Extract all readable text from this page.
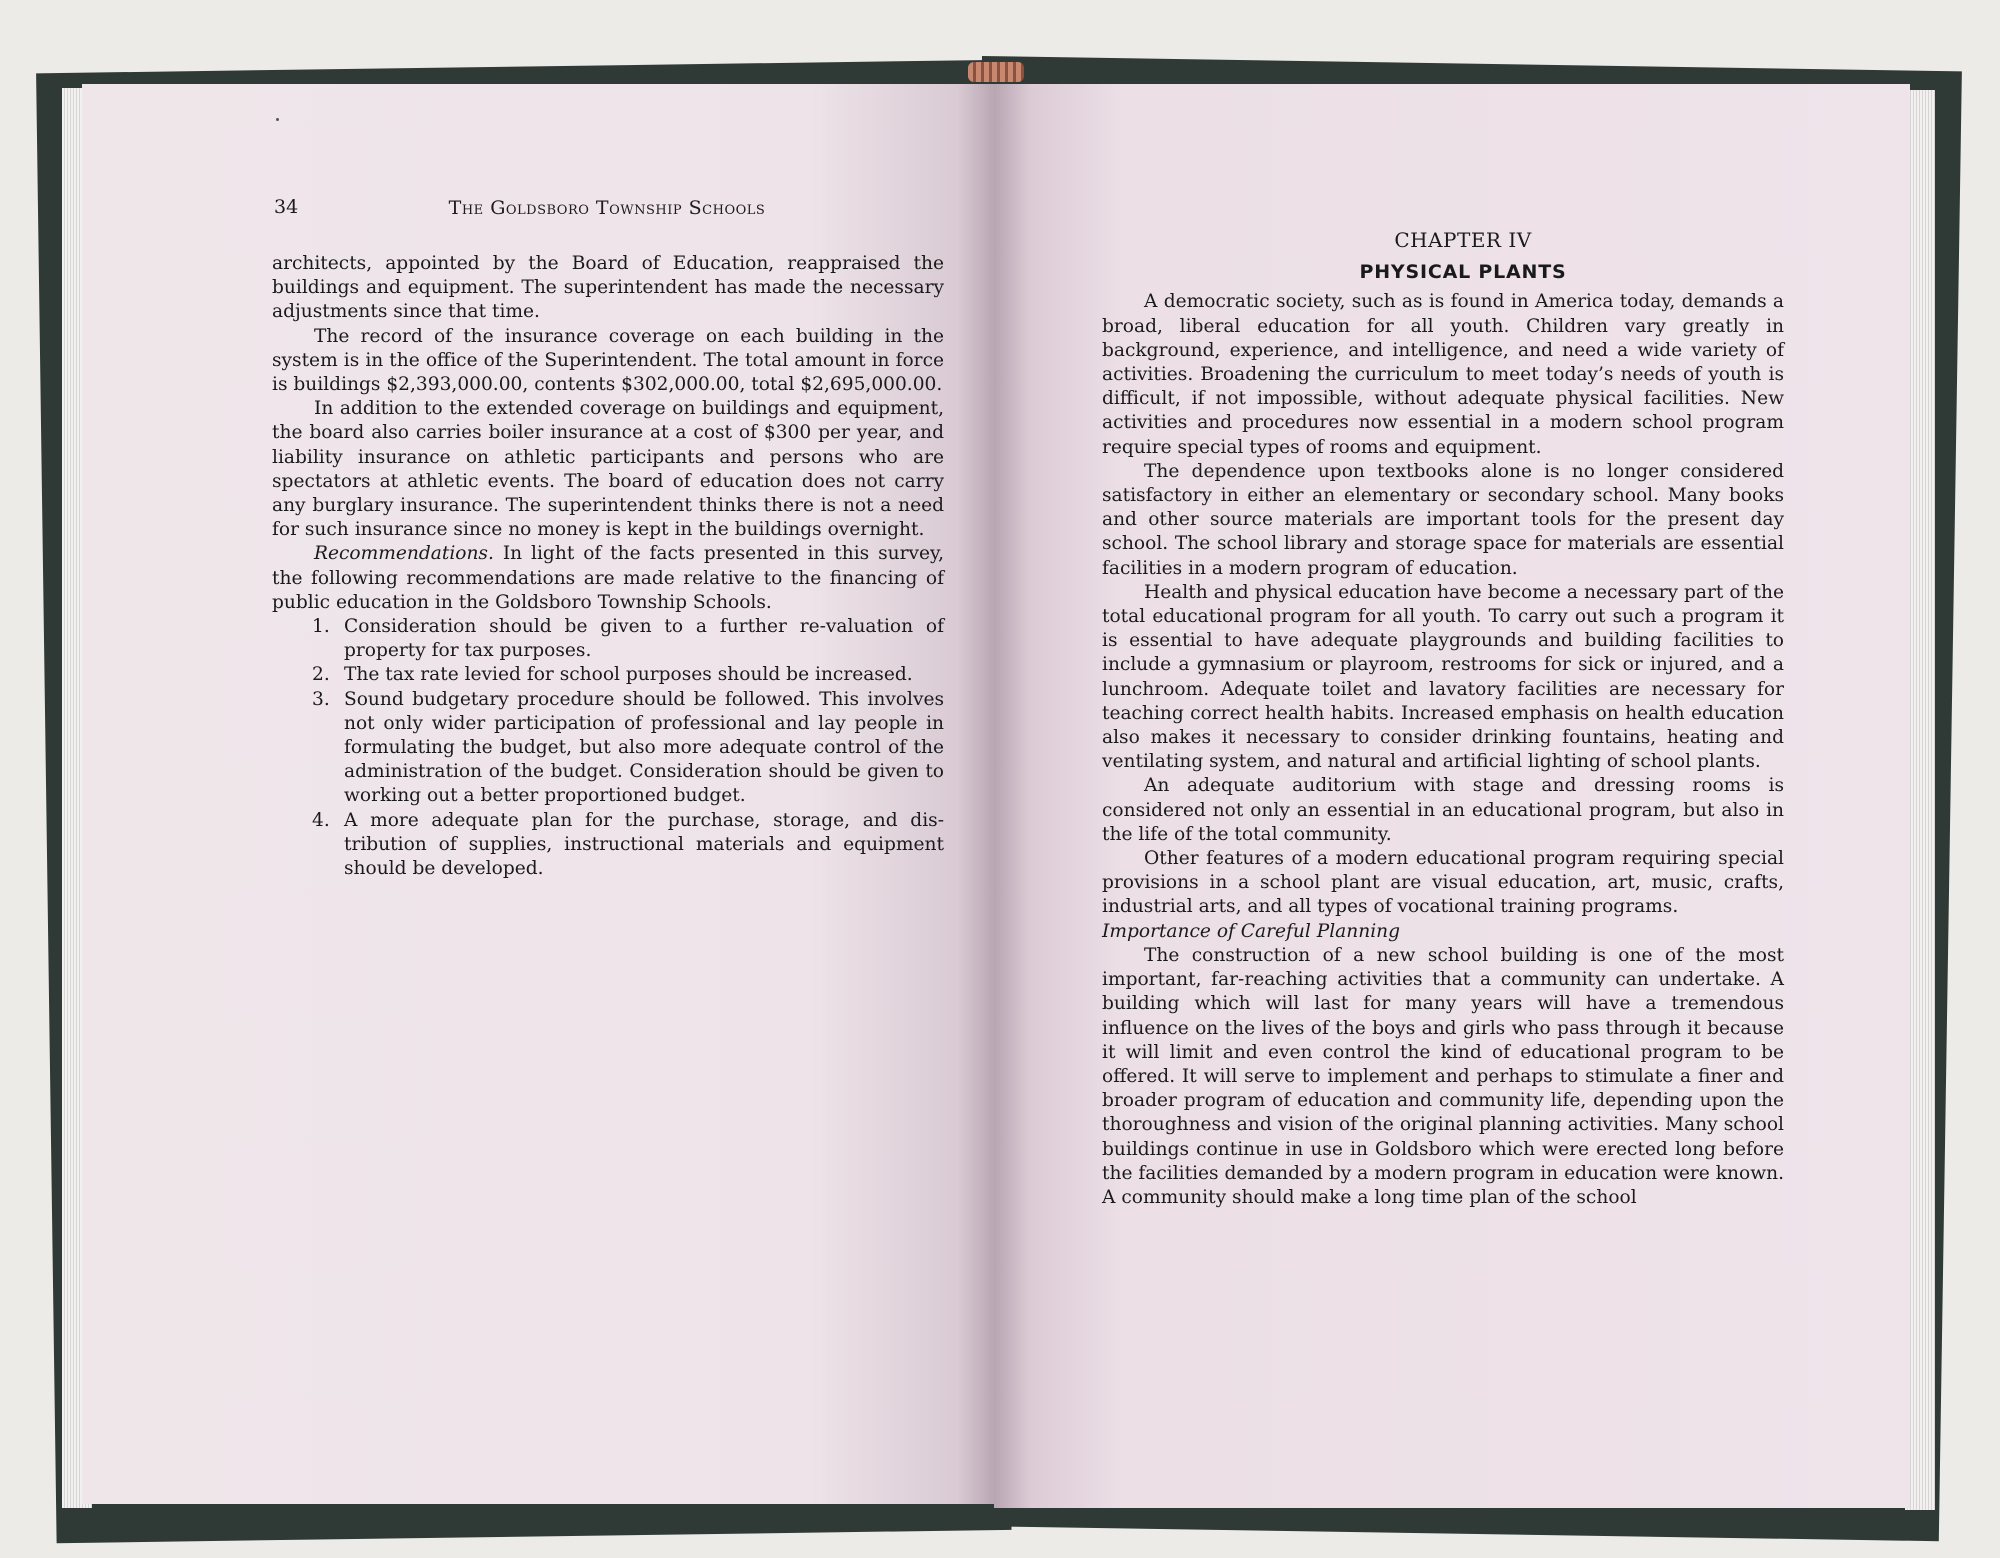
34	The Goldsboro Township Schools

architects, appointed by the Board of Education, reappraised the buildings and equipment. The superintendent has made the necessary adjustments since that time.

The record of the insurance coverage on each building in the system is in the office of the Superintendent. The total amount in force is buildings $2,393,000.00, contents $302,000.00, total $2,695,000.00.

In addition to the extended coverage on buildings and equipment, the board also carries boiler insurance at a cost of $300 per year, and liability insurance on athletic participants and persons who are spectators at athletic events. The board of education does not carry any burglary insurance. The superintendent thinks there is not a need for such insurance since no money is kept in the buildings overnight.

Recommendations. In light of the facts presented in this survey, the following recommendations are made relative to the financing of public education in the Goldsboro Township Schools.

1. Consideration should be given to a further re-valuation of property for tax purposes.
2. The tax rate levied for school purposes should be increased.
3. Sound budgetary procedure should be followed. This involves not only wider participation of professional and lay people in formulating the budget, but also more adequate control of the administration of the budget. Consideration should be given to working out a better proportioned budget.
4. A more adequate plan for the purchase, storage, and distribution of supplies, instructional materials and equipment should be developed.
CHAPTER IV
PHYSICAL PLANTS

A democratic society, such as is found in America today, demands a broad, liberal education for all youth. Children vary greatly in background, experience, and intelligence, and need a wide variety of activities. Broadening the curriculum to meet today’s needs of youth is difficult, if not impossible, without adequate physical facilities. New activities and procedures now essential in a modern school program require special types of rooms and equipment.

The dependence upon textbooks alone is no longer considered satisfactory in either an elementary or secondary school. Many books and other source materials are important tools for the present day school. The school library and storage space for materials are essential facilities in a modern program of education.

Health and physical education have become a necessary part of the total educational program for all youth. To carry out such a program it is essential to have adequate playgrounds and building facilities to include a gymnasium or playroom, restrooms for sick or injured, and a lunchroom. Adequate toilet and lavatory facilities are necessary for teaching correct health habits. Increased emphasis on health education also makes it necessary to consider drinking fountains, heating and ventilating system, and natural and artificial lighting of school plants.

An adequate auditorium with stage and dressing rooms is considered not only an essential in an educational program, but also in the life of the total community.

Other features of a modern educational program requiring special provisions in a school plant are visual education, art, music, crafts, industrial arts, and all types of vocational training programs.

Importance of Careful Planning

The construction of a new school building is one of the most important, far-reaching activities that a community can undertake. A building which will last for many years will have a tremendous influence on the lives of the boys and girls who pass through it because it will limit and even control the kind of educational program to be offered. It will serve to implement and perhaps to stimulate a finer and broader program of education and community life, depending upon the thoroughness and vision of the original planning activities. Many school buildings continue in use in Goldsboro which were erected long before the facilities demanded by a modern program in education were known. A community should make a long time plan of the school
